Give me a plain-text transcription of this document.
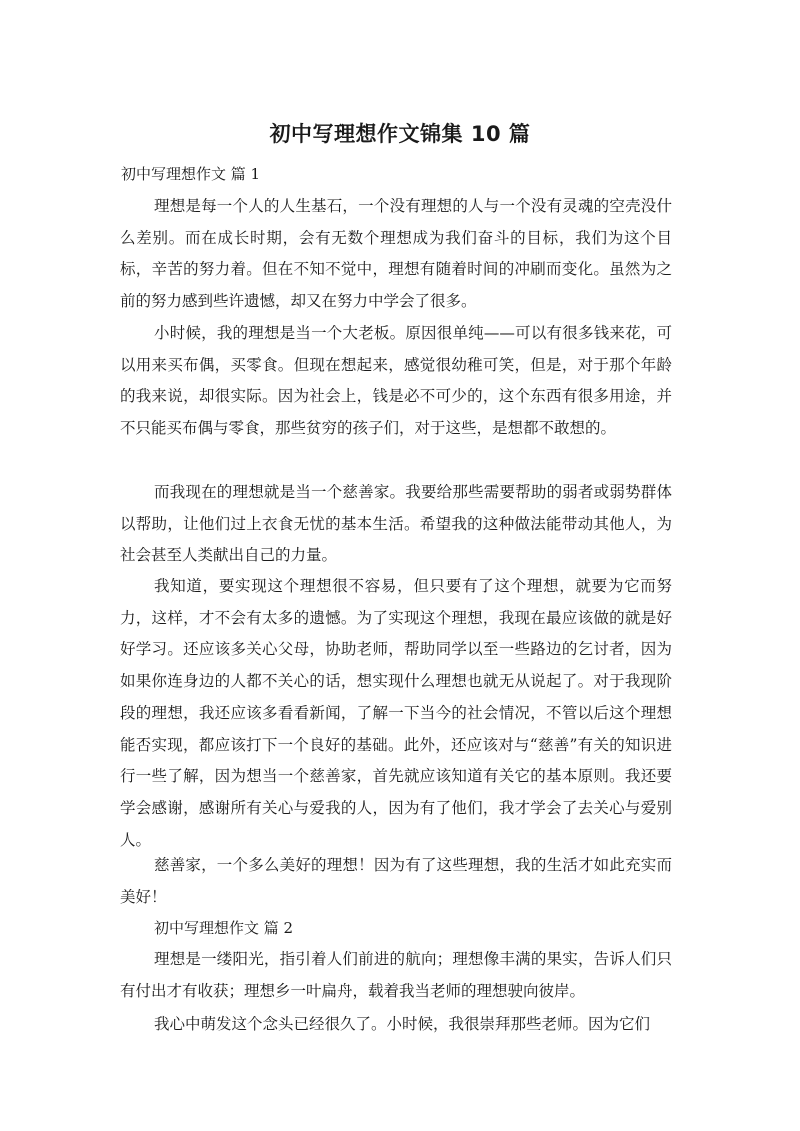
初中写理想作文锦集 10 篇

初中写理想作文 篇 1

理想是每一个人的人生基石，一个没有理想的人与一个没有灵魂的空壳没什么差别。而在成长时期，会有无数个理想成为我们奋斗的目标，我们为这个目标，辛苦的努力着。但在不知不觉中，理想有随着时间的冲刷而变化。虽然为之前的努力感到些许遗憾，却又在努力中学会了很多。

小时候，我的理想是当一个大老板。原因很单纯——可以有很多钱来花，可以用来买布偶，买零食。但现在想起来，感觉很幼稚可笑，但是，对于那个年龄的我来说，却很实际。因为社会上，钱是必不可少的，这个东西有很多用途，并不只能买布偶与零食，那些贫穷的孩子们，对于这些，是想都不敢想的。

而我现在的理想就是当一个慈善家。我要给那些需要帮助的弱者或弱势群体以帮助，让他们过上衣食无忧的基本生活。希望我的这种做法能带动其他人，为社会甚至人类献出自己的力量。

我知道，要实现这个理想很不容易，但只要有了这个理想，就要为它而努力，这样，才不会有太多的遗憾。为了实现这个理想，我现在最应该做的就是好好学习。还应该多关心父母，协助老师，帮助同学以至一些路边的乞讨者，因为如果你连身边的人都不关心的话，想实现什么理想也就无从说起了。对于我现阶段的理想，我还应该多看看新闻，了解一下当今的社会情况，不管以后这个理想能否实现，都应该打下一个良好的基础。此外，还应该对与“慈善”有关的知识进行一些了解，因为想当一个慈善家，首先就应该知道有关它的基本原则。我还要学会感谢，感谢所有关心与爱我的人，因为有了他们，我才学会了去关心与爱别人。

慈善家，一个多么美好的理想！因为有了这些理想，我的生活才如此充实而美好！

初中写理想作文 篇 2

理想是一缕阳光，指引着人们前进的航向；理想像丰满的果实，告诉人们只有付出才有收获；理想乡一叶扁舟，载着我当老师的理想驶向彼岸。

我心中萌发这个念头已经很久了。小时候，我很崇拜那些老师。因为它们
